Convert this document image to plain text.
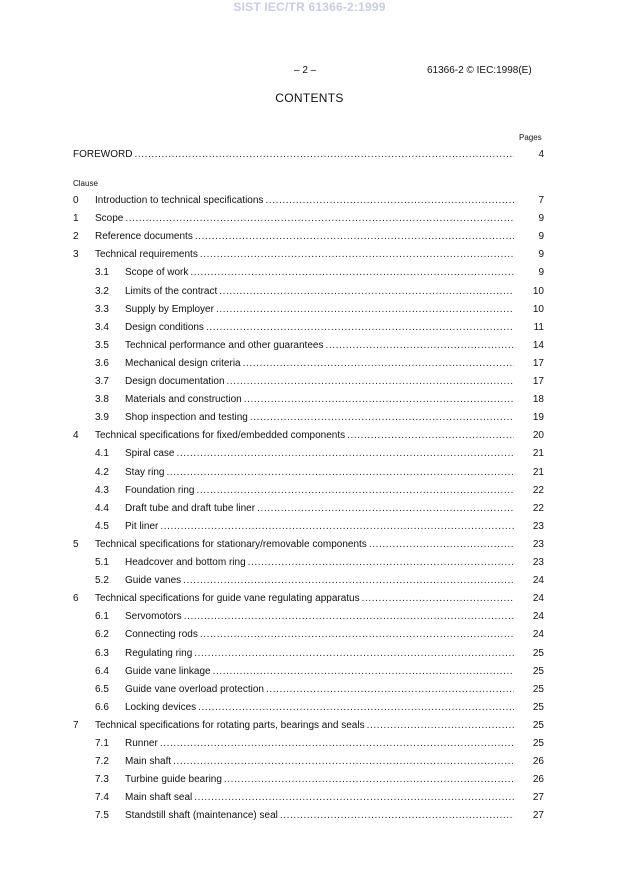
SIST IEC/TR 61366-2:1999
– 2 –	61366-2 © IEC:1998(E)
CONTENTS
Pages
Clause
FOREWORD .....	4
0 Introduction to technical specifications .....	7
1 Scope .....	9
2 Reference documents .....	9
3 Technical requirements .....	9
3.1 Scope of work .....	9
3.2 Limits of the contract .....	10
3.3 Supply by Employer .....	10
3.4 Design conditions .....	11
3.5 Technical performance and other guarantees .....	14
3.6 Mechanical design criteria .....	17
3.7 Design documentation .....	17
3.8 Materials and construction .....	18
3.9 Shop inspection and testing .....	19
4 Technical specifications for fixed/embedded components .....	20
4.1 Spiral case .....	21
4.2 Stay ring .....	21
4.3 Foundation ring .....	22
4.4 Draft tube and draft tube liner .....	22
4.5 Pit liner .....	23
5 Technical specifications for stationary/removable components .....	23
5.1 Headcover and bottom ring .....	23
5.2 Guide vanes .....	24
6 Technical specifications for guide vane regulating apparatus .....	24
6.1 Servomotors .....	24
6.2 Connecting rods .....	24
6.3 Regulating ring .....	25
6.4 Guide vane linkage .....	25
6.5 Guide vane overload protection .....	25
6.6 Locking devices .....	25
7 Technical specifications for rotating parts, bearings and seals .....	25
7.1 Runner .....	25
7.2 Main shaft .....	26
7.3 Turbine guide bearing .....	26
7.4 Main shaft seal .....	27
7.5 Standstill shaft (maintenance) seal .....	27
